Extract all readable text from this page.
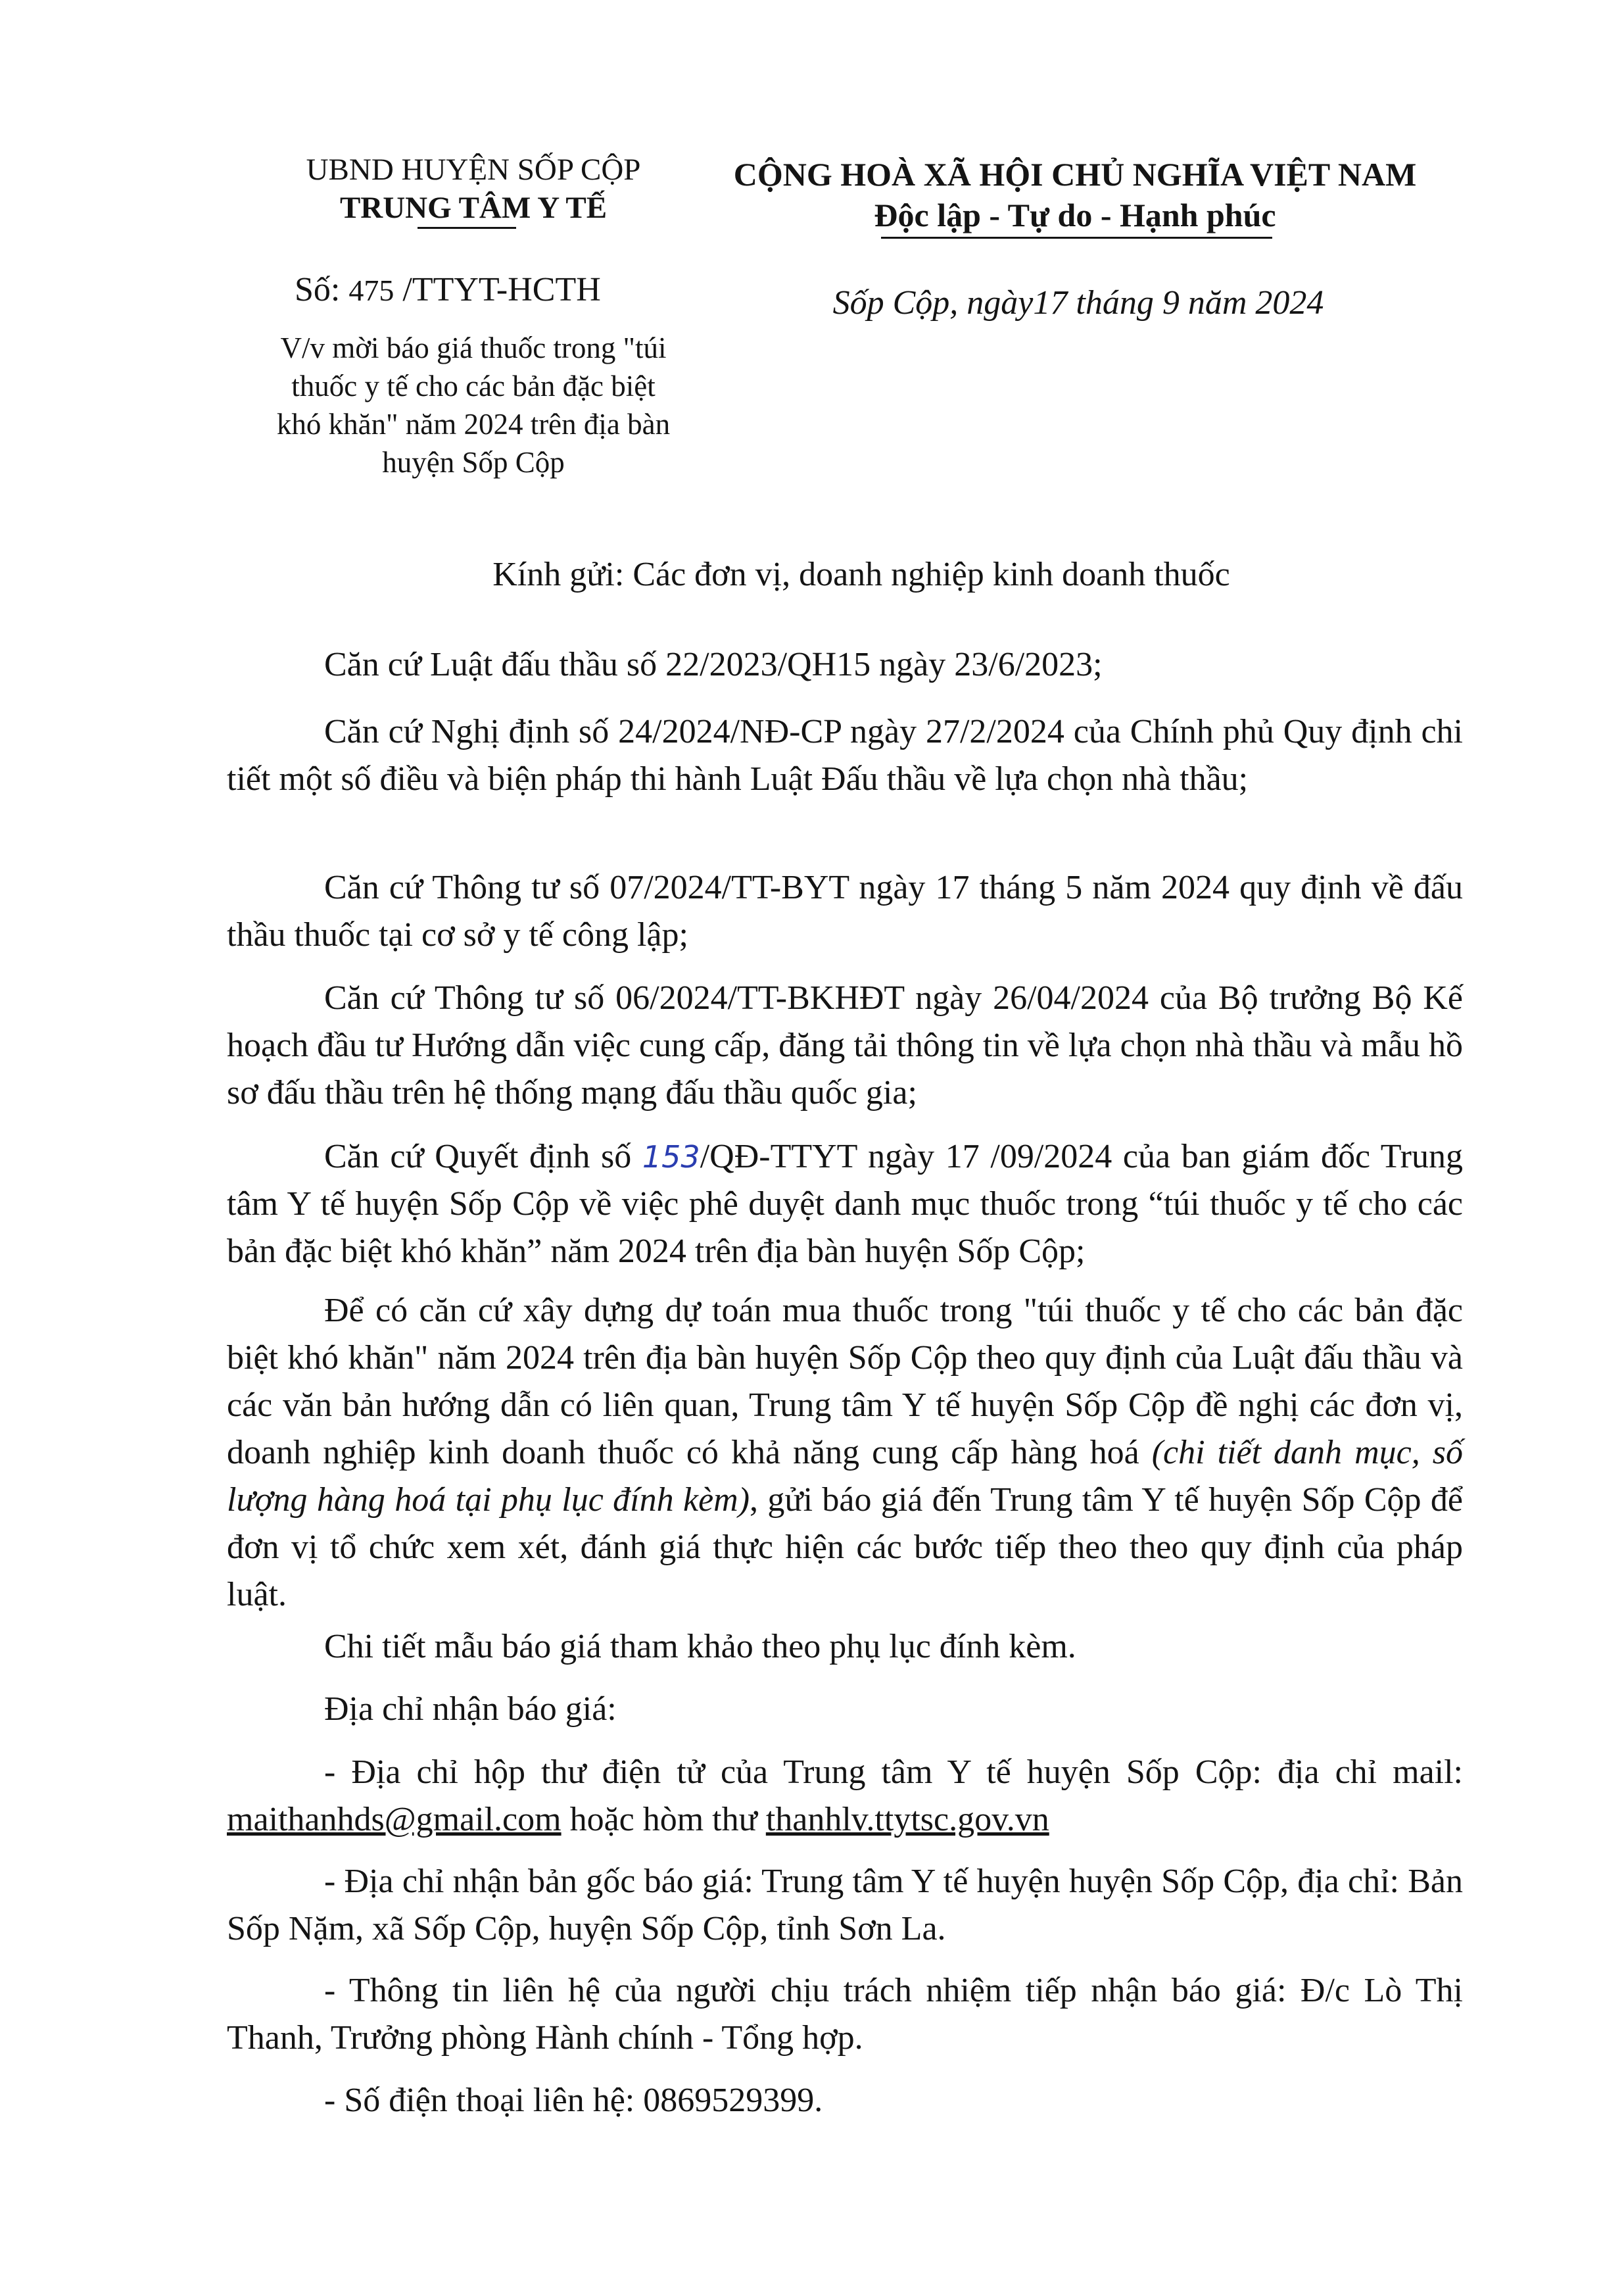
UBND HUYỆN SỐP CỘP
TRUNG TÂM Y TẾ
Số: 475 /TTYT-HCTH
V/v mời báo giá thuốc trong "túi
thuốc y tế cho các bản đặc biệt
khó khăn" năm 2024 trên địa bàn
huyện Sốp Cộp
CỘNG HOÀ XÃ HỘI CHỦ NGHĨA VIỆT NAM
Độc lập - Tự do - Hạnh phúc
Sốp Cộp, ngày17 tháng 9 năm 2024
Kính gửi: Các đơn vị, doanh nghiệp kinh doanh thuốc
Căn cứ Luật đấu thầu số 22/2023/QH15 ngày 23/6/2023;
Căn cứ Nghị định số 24/2024/NĐ-CP ngày 27/2/2024 của Chính phủ Quy định chi tiết một số điều và biện pháp thi hành Luật Đấu thầu về lựa chọn nhà thầu;
Căn cứ Thông tư số 07/2024/TT-BYT ngày 17 tháng 5 năm 2024 quy định về đấu thầu thuốc tại cơ sở y tế công lập;
Căn cứ Thông tư số 06/2024/TT-BKHĐT ngày 26/04/2024 của Bộ trưởng Bộ Kế hoạch đầu tư Hướng dẫn việc cung cấp, đăng tải thông tin về lựa chọn nhà thầu và mẫu hồ sơ đấu thầu trên hệ thống mạng đấu thầu quốc gia;
Căn cứ Quyết định số 153/QĐ-TTYT ngày 17 /09/2024 của ban giám đốc Trung tâm Y tế huyện Sốp Cộp về việc phê duyệt danh mục thuốc trong “túi thuốc y tế cho các bản đặc biệt khó khăn” năm 2024 trên địa bàn huyện Sốp Cộp;
Để có căn cứ xây dựng dự toán mua thuốc trong "túi thuốc y tế cho các bản đặc biệt khó khăn" năm 2024 trên địa bàn huyện Sốp Cộp theo quy định của Luật đấu thầu và các văn bản hướng dẫn có liên quan, Trung tâm Y tế huyện Sốp Cộp đề nghị các đơn vị, doanh nghiệp kinh doanh thuốc có khả năng cung cấp hàng hoá (chi tiết danh mục, số lượng hàng hoá tại phụ lục đính kèm), gửi báo giá đến Trung tâm Y tế huyện Sốp Cộp để đơn vị tổ chức xem xét, đánh giá thực hiện các bước tiếp theo theo quy định của pháp luật.
Chi tiết mẫu báo giá tham khảo theo phụ lục đính kèm.
Địa chỉ nhận báo giá:
- Địa chỉ hộp thư điện tử của Trung tâm Y tế huyện Sốp Cộp: địa chỉ mail: maithanhds@gmail.com hoặc hòm thư thanhlv.ttytsc.gov.vn
- Địa chỉ nhận bản gốc báo giá: Trung tâm Y tế huyện huyện Sốp Cộp, địa chỉ: Bản Sốp Nặm, xã Sốp Cộp, huyện Sốp Cộp, tỉnh Sơn La.
- Thông tin liên hệ của người chịu trách nhiệm tiếp nhận báo giá: Đ/c Lò Thị Thanh, Trưởng phòng Hành chính - Tổng hợp.
- Số điện thoại liên hệ: 0869529399.
